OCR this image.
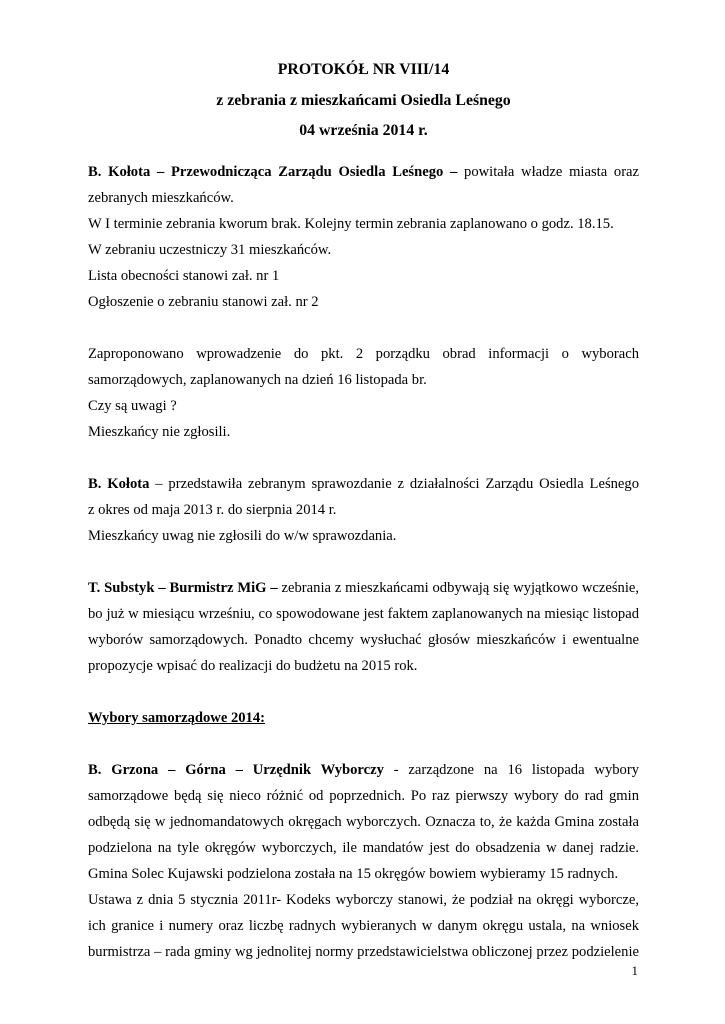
PROTOKÓŁ NR VIII/14
z zebrania z mieszkańcami Osiedla Leśnego
04 września 2014 r.

B. Kołota – Przewodnicząca Zarządu Osiedla Leśnego – powitała władze miasta oraz

zebranych mieszkańców.

W I terminie zebrania kworum brak. Kolejny termin zebrania zaplanowano o godz. 18.15.

W zebraniu uczestniczy 31 mieszkańców.

Lista obecności stanowi zał. nr 1

Ogłoszenie o zebraniu stanowi zał. nr 2

Zaproponowano wprowadzenie do pkt. 2 porządku obrad informacji o wyborach

samorządowych, zaplanowanych na dzień 16 listopada br.

Czy są uwagi ?

Mieszkańcy nie zgłosili.

B. Kołota – przedstawiła zebranym sprawozdanie z działalności Zarządu Osiedla Leśnego

z okres od maja 2013 r. do sierpnia 2014 r.

Mieszkańcy uwag nie zgłosili do w/w sprawozdania.

T. Substyk – Burmistrz MiG – zebrania z mieszkańcami odbywają się wyjątkowo wcześnie,

bo już w miesiącu wrześniu, co spowodowane jest faktem zaplanowanych na miesiąc listopad

wyborów samorządowych. Ponadto chcemy wysłuchać głosów mieszkańców i ewentualne

propozycje wpisać do realizacji do budżetu na 2015 rok.

Wybory samorządowe 2014:

B. Grzona – Górna – Urzędnik Wyborczy - zarządzone na 16 listopada wybory

samorządowe będą się nieco różnić od poprzednich. Po raz pierwszy wybory do rad gmin

odbędą się w jednomandatowych okręgach wyborczych. Oznacza to, że każda Gmina została

podzielona na tyle okręgów wyborczych, ile mandatów jest do obsadzenia w danej radzie.

Gmina Solec Kujawski podzielona została na 15 okręgów bowiem wybieramy 15 radnych.

Ustawa z dnia 5 stycznia 2011r- Kodeks wyborczy stanowi, że podział na okręgi wyborcze,

ich granice i numery oraz liczbę radnych wybieranych w danym okręgu ustala, na wniosek

burmistrza – rada gminy wg jednolitej normy przedstawicielstwa obliczonej przez podzielenie

1
